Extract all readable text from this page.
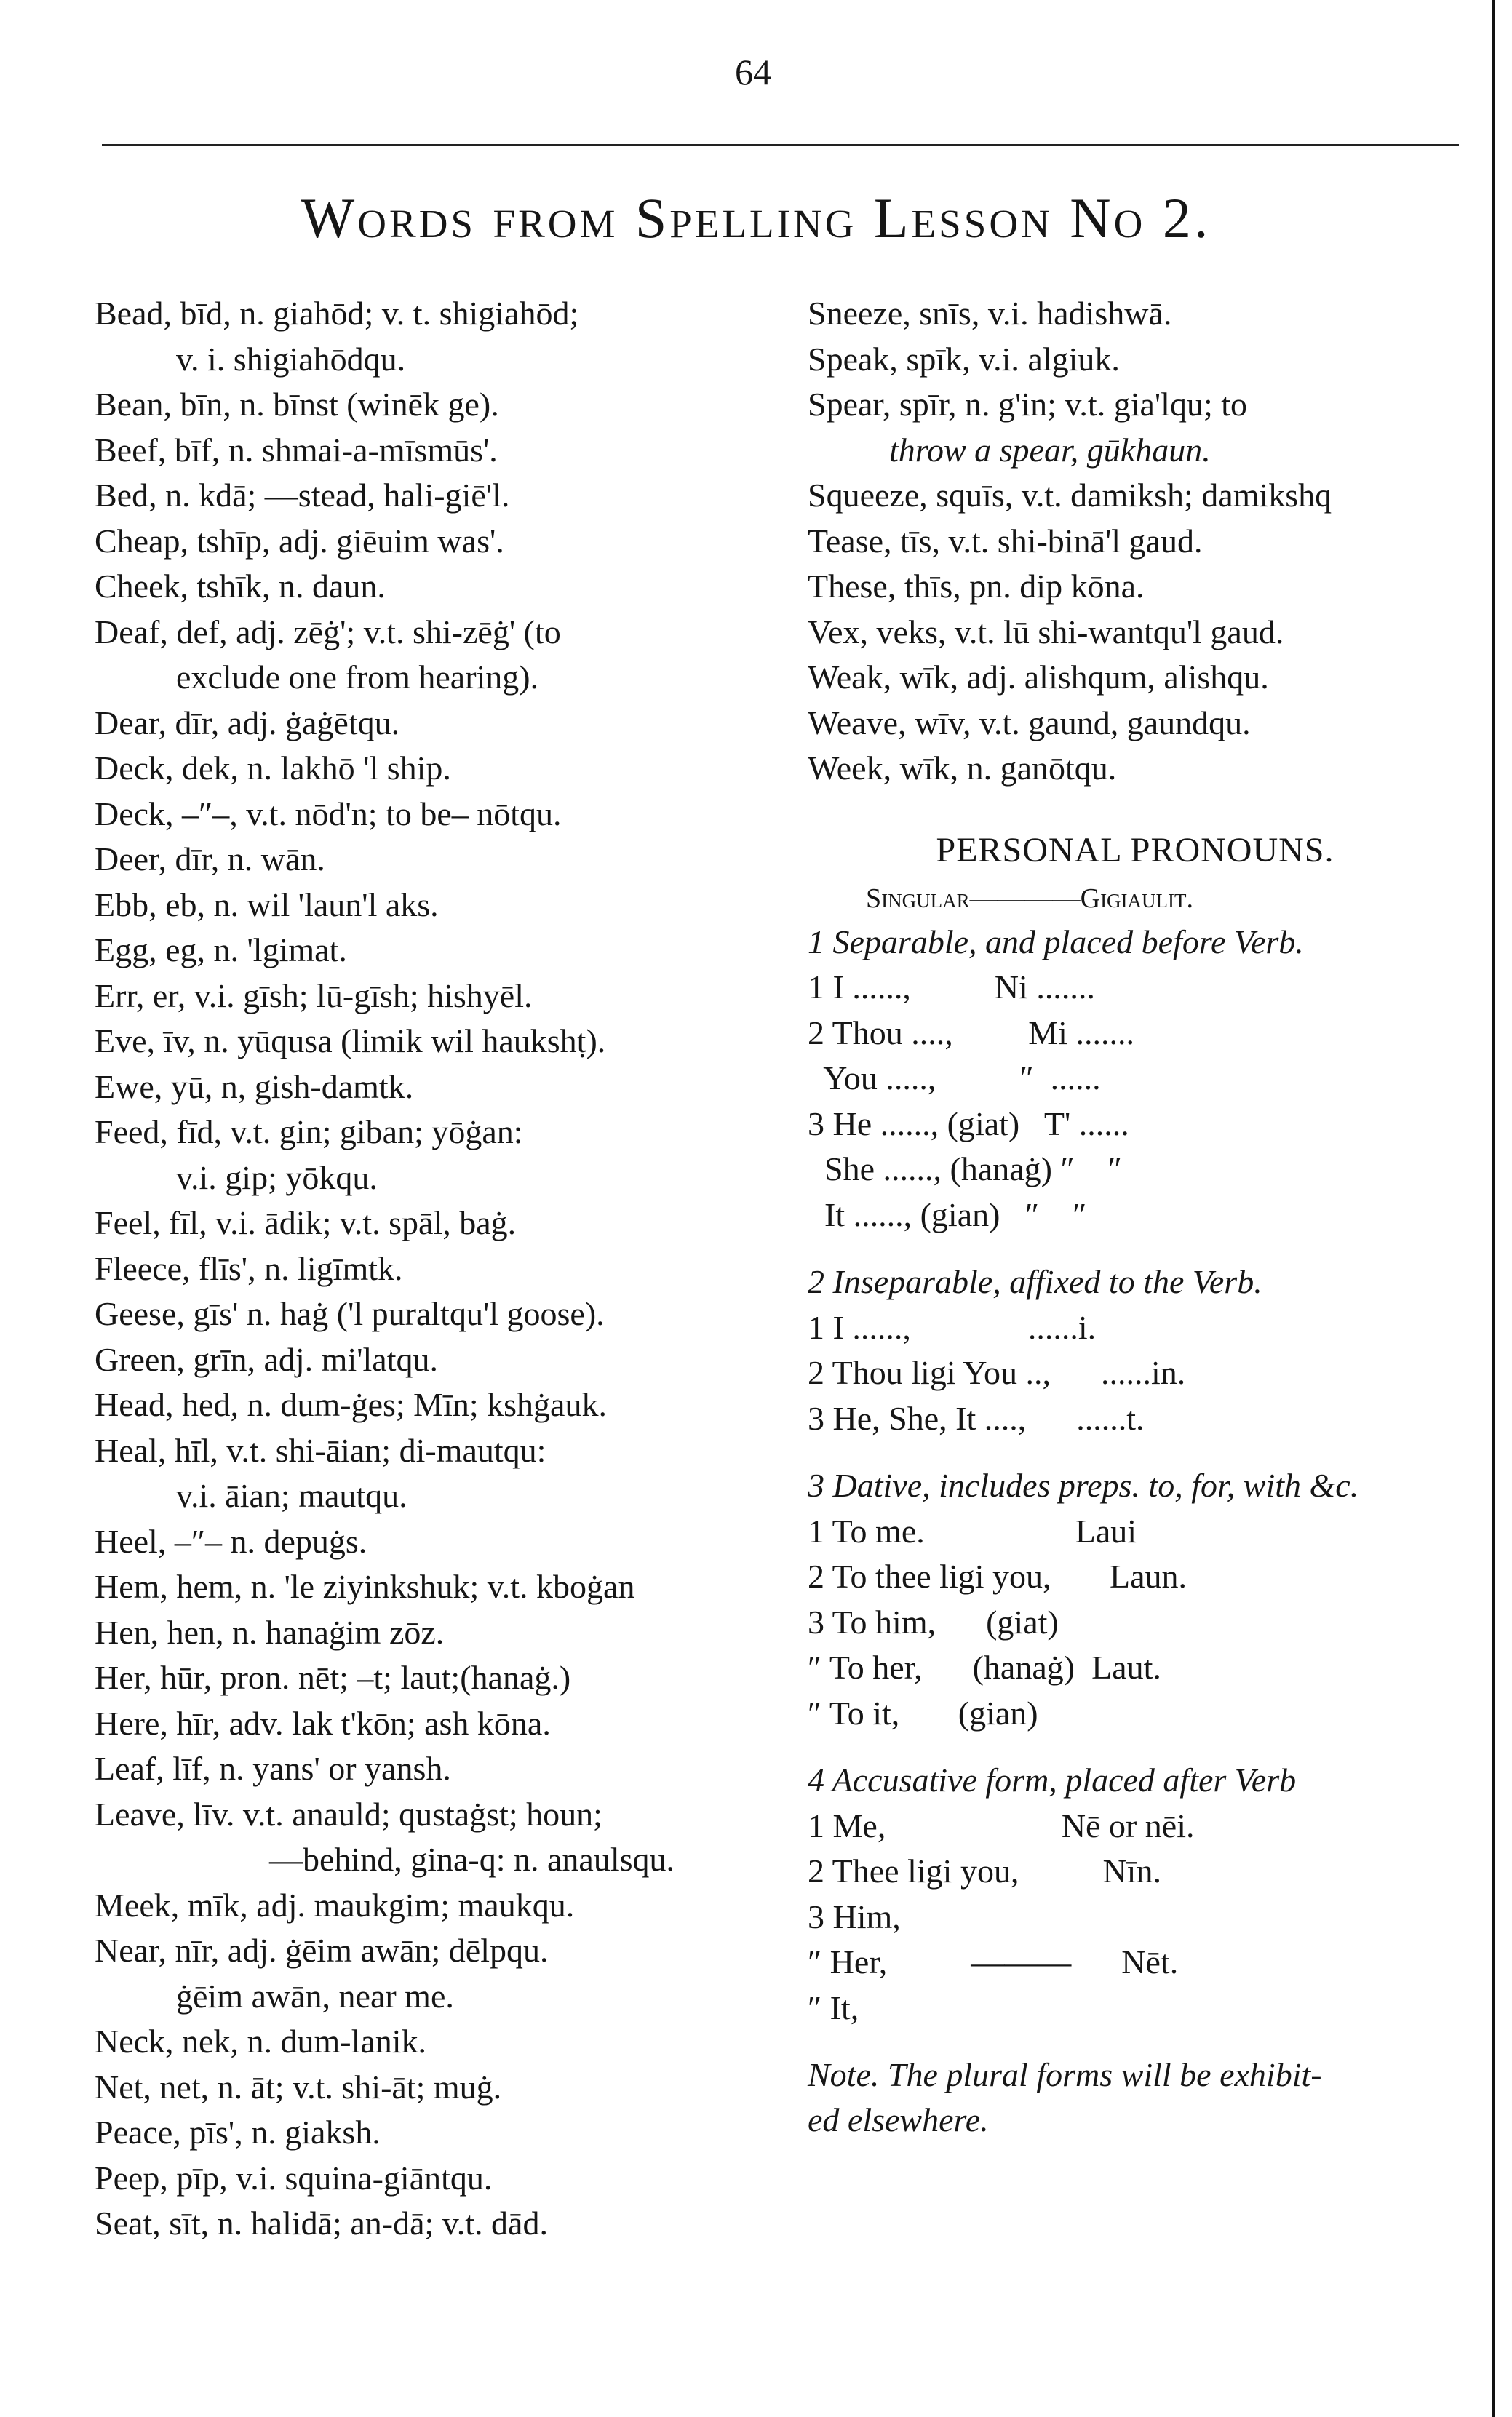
64
Words from Spelling Lesson No 2.
Bead, bīd, n. giahōd; v. t. shigiahōd;
v. i. shigiahōdqu.
Bean, bīn, n. bīnst (winēk ge).
Beef, bīf, n. shmai-a-mīsmūs'.
Bed, n. kdā; —stead, hali-giē'l.
Cheap, tshīp, adj. giēuim was'.
Cheek, tshīk, n. daun.
Deaf, def, adj. zēġ'; v.t. shi-zēġ' (to
exclude one from hearing).
Dear, dīr, adj. ġaġētqu.
Deck, dek, n. lakhō 'l ship.
Deck, –″–, v.t. nōd'n; to be– nōtqu.
Deer, dīr, n. wān.
Ebb, eb, n. wil 'laun'l aks.
Egg, eg, n. 'lgimat.
Err, er, v.i. gīsh; lū-gīsh; hishyēl.
Eve, īv, n. yūqusa (limik wil haukshṭ).
Ewe, yū, n, gish-damtk.
Feed, fīd, v.t. gin; giban; yōġan:
v.i. gip; yōkqu.
Feel, fīl, v.i. ādik; v.t. spāl, baġ.
Fleece, flīs', n. ligīmtk.
Geese, gīs' n. haġ ('l puraltqu'l goose).
Green, grīn, adj. mi'latqu.
Head, hed, n. dum-ġes; Mīn; kshġauk.
Heal, hīl, v.t. shi-āian; di-mautqu:
v.i. āian; mautqu.
Heel, –″– n. depuġs.
Hem, hem, n. 'le ziyinkshuk; v.t. kboġan
Hen, hen, n. hanaġim zōz.
Her, hūr, pron. nēt; –t; laut;(hanaġ.)
Here, hīr, adv. lak t'kōn; ash kōna.
Leaf, līf, n. yans' or yansh.
Leave, līv. v.t. anauld; qustaġst; houn;
—behind, gina-q: n. anaulsqu.
Meek, mīk, adj. maukgim; maukqu.
Near, nīr, adj. ġēim awān; dēlpqu.
ġēim awān, near me.
Neck, nek, n. dum-lanik.
Net, net, n. āt; v.t. shi-āt; muġ.
Peace, pīs', n. giaksh.
Peep, pīp, v.i. squina-giāntqu.
Seat, sīt, n. halidā; an-dā; v.t. dād.
Sneeze, snīs, v.i. hadishwā.
Speak, spīk, v.i. algiuk.
Spear, spīr, n. g'in; v.t. gia'lqu; to
throw a spear, gūkhaun.
Squeeze, squīs, v.t. damiksh; damikshq
Tease, tīs, v.t. shi-binā'l gaud.
These, thīs, pn. dip kōna.
Vex, veks, v.t. lū shi-wantqu'l gaud.
Weak, wīk, adj. alishqum, alishqu.
Weave, wīv, v.t. gaund, gaundqu.
Week, wīk, n. ganōtqu.
PERSONAL PRONOUNS.
Singular————Gigiaulit.
1 Separable, and placed before Verb.
1 I ......,          Ni .......
2 Thou ....,         Mi .......
You .....,          ″  ......
3 He ......, (giat)   T' ......
She ......, (hanaġ) ″    ″
It ......, (gian)   ″    ″
2 Inseparable, affixed to the Verb.
1 I ......,              ......i.
2 Thou ligi You ..,      ......in.
3 He, She, It ....,      ......t.
3 Dative, includes preps. to, for, with &c.
1 To me.                  Laui
2 To thee ligi you,       Laun.
3 To him,      (giat)
″ To her,      (hanaġ)  Laut.
″ To it,       (gian)
4 Accusative form, placed after Verb
1 Me,                     Nē or nēi.
2 Thee ligi you,          Nīn.
3 Him,
″ Her,          ———      Nēt.
″ It,
Note. The plural forms will be exhibit-
ed elsewhere.
